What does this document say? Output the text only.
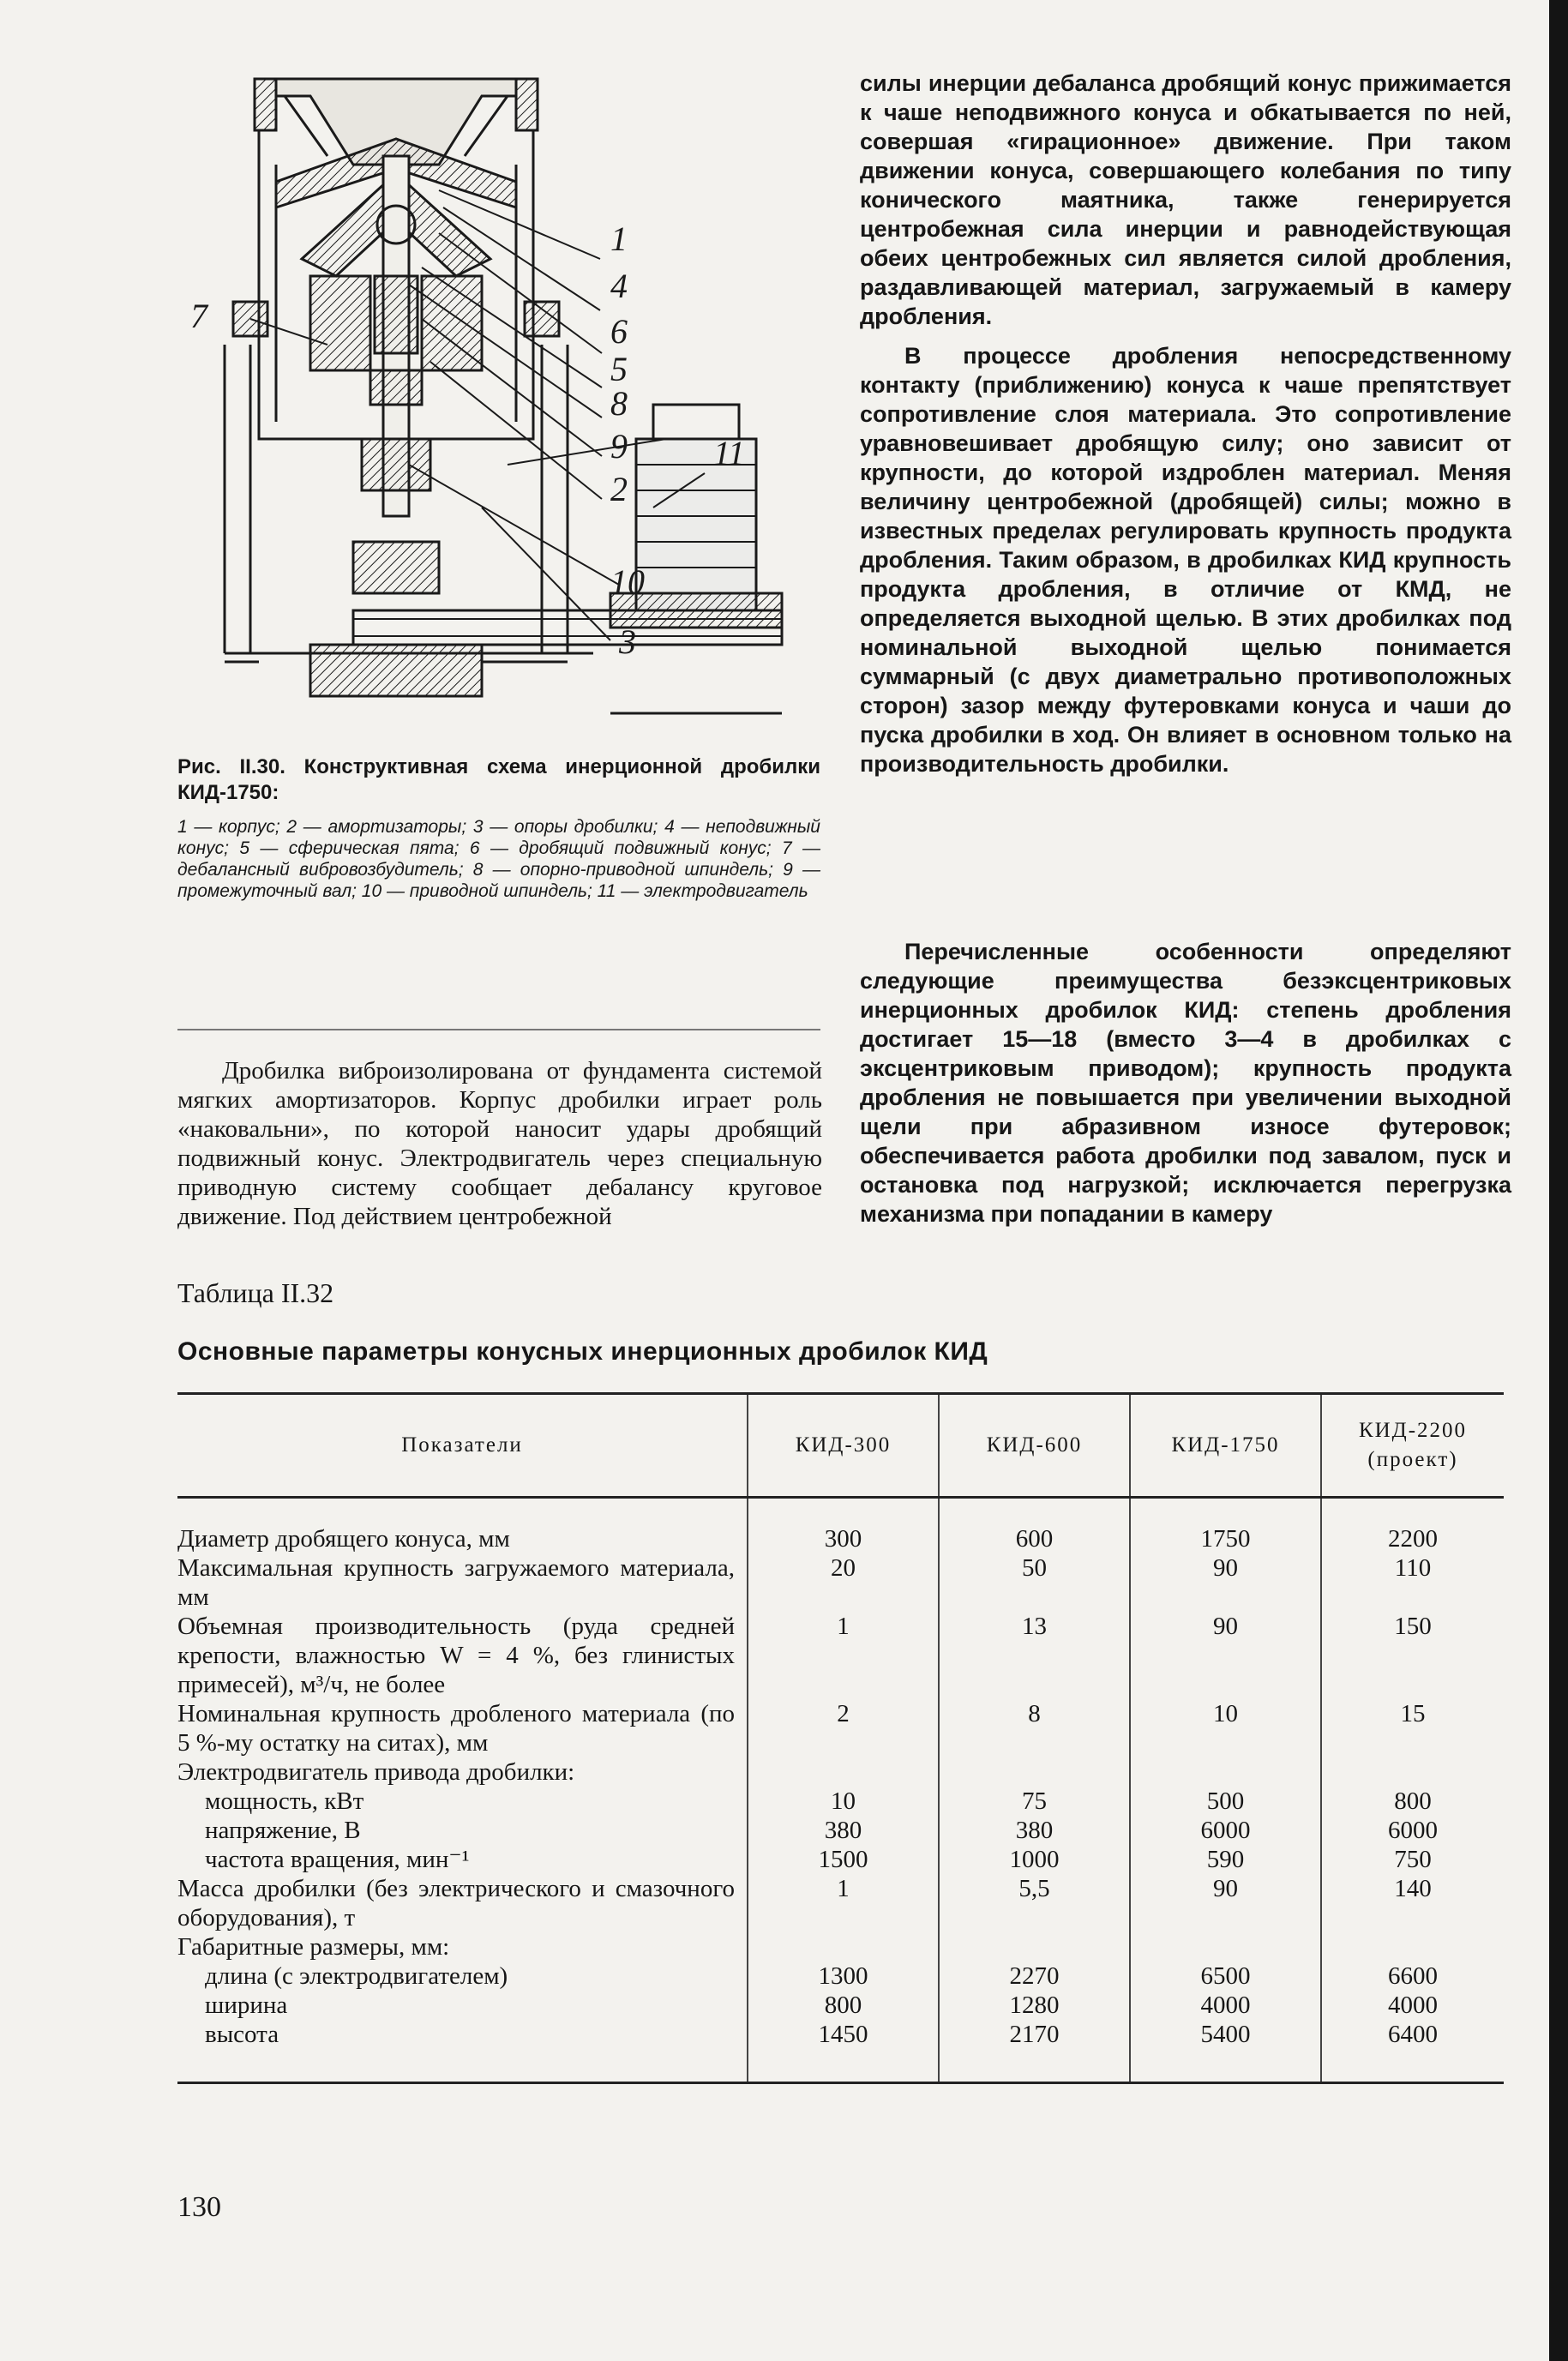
1
4
6
5
8
9
2
11
10
3
7
Рис. II.30. Конструктивная схема инерционной дробилки КИД-1750:
1 — корпус; 2 — амортизаторы; 3 — опоры дробилки; 4 — неподвижный конус; 5 — сферическая пята; 6 — дробящий подвижный конус; 7 — дебалансный вибровозбудитель; 8 — опорно-приводной шпиндель; 9 — промежуточный вал; 10 — приводной шпиндель; 11 — электродвигатель

силы инерции дебаланса дробящий конус прижимается к чаше неподвижного конуса и обкатывается по ней, совершая «гирационное» движение. При таком движении конуса, совершающего колебания по типу конического маятника, также генерируется центробежная сила инерции и равнодействующая обеих центробежных сил является силой дробления, раздавливающей материал, загружаемый в камеру дробления.

В процессе дробления непосредственному контакту (приближению) конуса к чаше препятствует сопротивление слоя материала. Это сопротивление уравновешивает дробящую силу; оно зависит от крупности, до которой издроблен материал. Меняя величину центробежной (дробящей) силы; можно в известных пределах регулировать крупность продукта дробления. Таким образом, в дробилках КИД крупность продукта дробления, в отличие от КМД, не определяется выходной щелью. В этих дробилках под номинальной выходной щелью понимается суммарный (с двух диаметрально противоположных сторон) зазор между футеровками конуса и чаши до пуска дробилки в ход. Он влияет в основном только на производительность дробилки.

Перечисленные особенности определяют следующие преимущества безэксцентриковых инерционных дробилок КИД: степень дробления достигает 15—18 (вместо 3—4 в дробилках с эксцентриковым приводом); крупность продукта дробления не повышается при увеличении выходной щели при абразивном износе футеровок; обеспечивается работа дробилки под завалом, пуск и остановка под нагрузкой; исключается перегрузка механизма при попадании в камеру

Дробилка виброизолирована от фундамента системой мягких амортизаторов. Корпус дробилки играет роль «наковальни», по которой наносит удары дробящий подвижный конус. Электродвигатель через специальную приводную систему сообщает дебалансу круговое движение. Под действием центробежной

Таблица II.32
Основные параметры конусных инерционных дробилок КИД
Показатели	КИД-300	КИД-600	КИД-1750	КИД-2200 (проект)

Диаметр дробящего конуса, мм	300	600	1750	2200
Максимальная крупность загружаемого материала, мм	20	50	90	110
Объемная производительность (руда средней крепости, влажностью W = 4 %, без глинистых примесей), м³/ч, не более	1	13	90	150
Номинальная крупность дробленого материала (по 5 %-му остатку на ситах), мм	2	8	10	15
Электродвигатель привода дробилки:				
мощность, кВт	10	75	500	800
напряжение, В	380	380	6000	6000
частота вращения, мин⁻¹	1500	1000	590	750
Масса дробилки (без электрического и смазочного оборудования), т	1	5,5	90	140
Габаритные размеры, мм:				
длина (с электродвигателем)	1300	2270	6500	6600
ширина	800	1280	4000	4000
высота	1450	2170	5400	6400
130
